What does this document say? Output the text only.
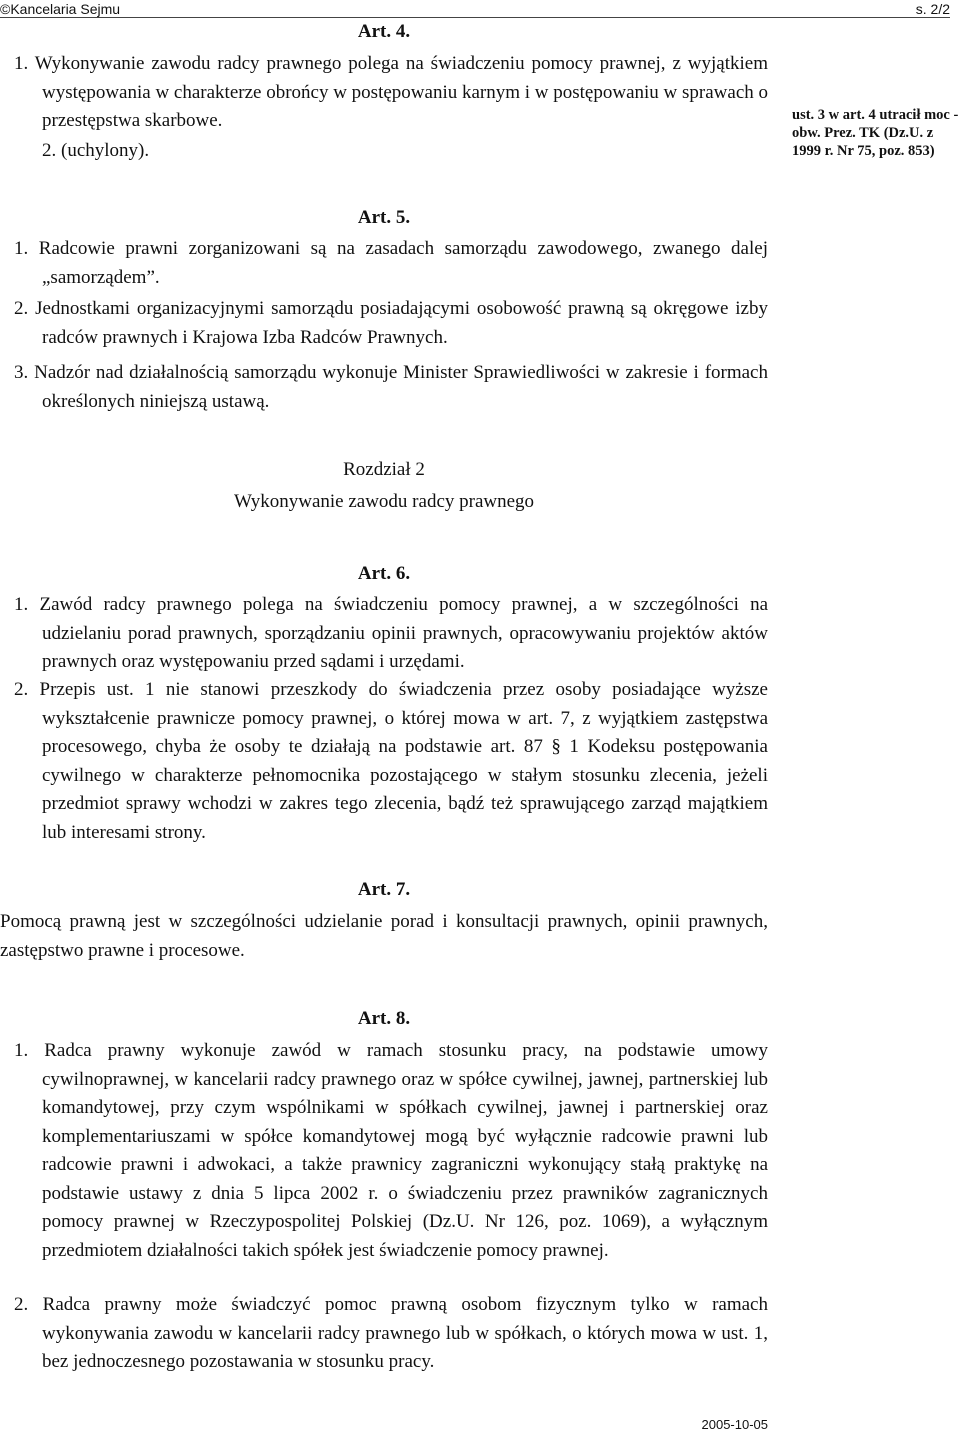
©Kancelaria Sejmu	s. 2/2
Art. 4.
1. Wykonywanie zawodu radcy prawnego polega na świadczeniu pomocy prawnej, z wyjątkiem występowania w charakterze obrońcy w postępowaniu karnym i w postępowaniu w sprawach o przestępstwa skarbowe.
2. (uchylony).
ust. 3 w art. 4 utracił moc - obw. Prez. TK (Dz.U. z 1999 r. Nr 75, poz. 853)
Art. 5.
1. Radcowie prawni zorganizowani są na zasadach samorządu zawodowego, zwanego dalej „samorządem”.
2. Jednostkami organizacyjnymi samorządu posiadającymi osobowość prawną są okręgowe izby radców prawnych i Krajowa Izba Radców Prawnych.
3. Nadzór nad działalnością samorządu wykonuje Minister Sprawiedliwości w zakresie i formach określonych niniejszą ustawą.
Rozdział 2
Wykonywanie zawodu radcy prawnego
Art. 6.
1. Zawód radcy prawnego polega na świadczeniu pomocy prawnej, a w szczególności na udzielaniu porad prawnych, sporządzaniu opinii prawnych, opracowywaniu projektów aktów prawnych oraz występowaniu przed sądami i urzędami.
2. Przepis ust. 1 nie stanowi przeszkody do świadczenia przez osoby posiadające wyższe wykształcenie prawnicze pomocy prawnej, o której mowa w art. 7, z wyjątkiem zastępstwa procesowego, chyba że osoby te działają na podstawie art. 87 § 1 Kodeksu postępowania cywilnego w charakterze pełnomocnika pozostającego w stałym stosunku zlecenia, jeżeli przedmiot sprawy wchodzi w zakres tego zlecenia, bądź też sprawującego zarząd majątkiem lub interesami strony.
Art. 7.
Pomocą prawną jest w szczególności udzielanie porad i konsultacji prawnych, opinii prawnych, zastępstwo prawne i procesowe.
Art. 8.
1. Radca prawny wykonuje zawód w ramach stosunku pracy, na podstawie umowy cywilnoprawnej, w kancelarii radcy prawnego oraz w spółce cywilnej, jawnej, partnerskiej lub komandytowej, przy czym wspólnikami w spółkach cywilnej, jawnej i partnerskiej oraz komplementariuszami w spółce komandytowej mogą być wyłącznie radcowie prawni lub radcowie prawni i adwokaci, a także prawnicy zagraniczni wykonujący stałą praktykę na podstawie ustawy z dnia 5 lipca 2002 r. o świadczeniu przez prawników zagranicznych pomocy prawnej w Rzeczypospolitej Polskiej (Dz.U. Nr 126, poz. 1069), a wyłącznym przedmiotem działalności takich spółek jest świadczenie pomocy prawnej.
2. Radca prawny może świadczyć pomoc prawną osobom fizycznym tylko w ramach wykonywania zawodu w kancelarii radcy prawnego lub w spółkach, o których mowa w ust. 1, bez jednoczesnego pozostawania w stosunku pracy.
2005-10-05
